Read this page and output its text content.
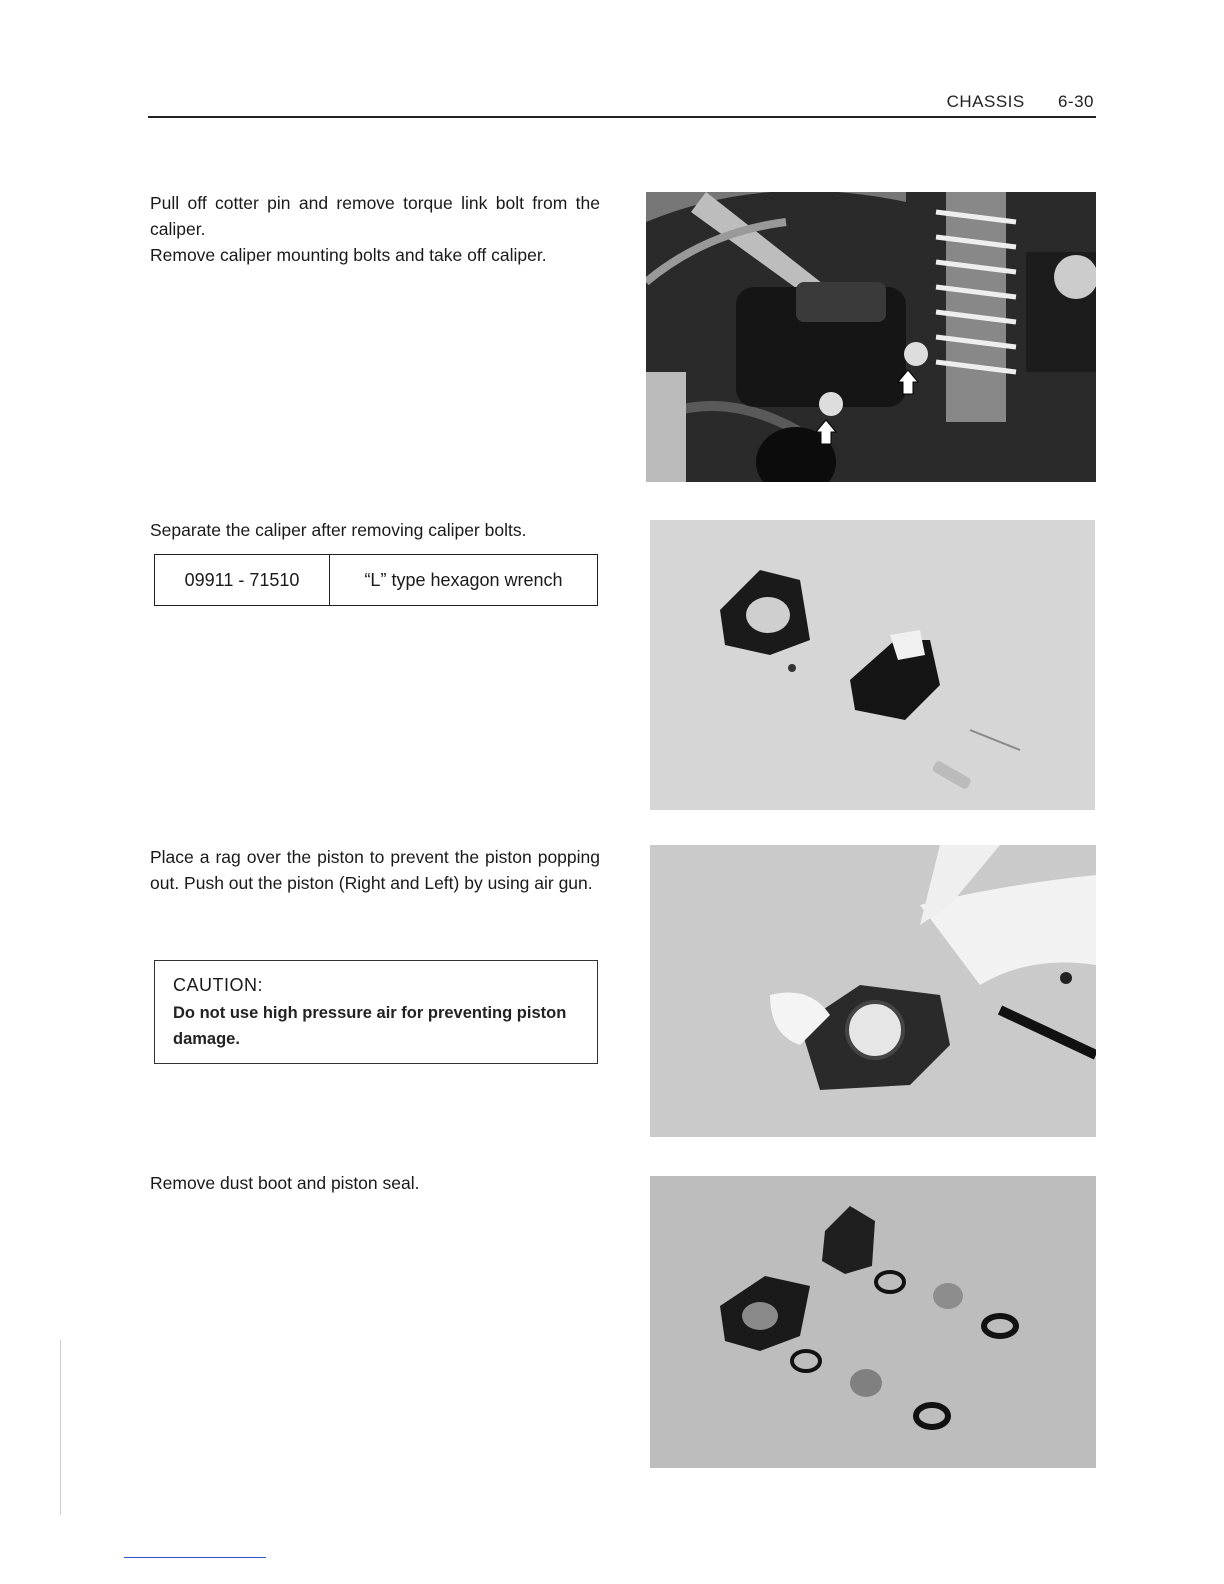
CHASSIS 6-30

Pull off cotter pin and remove torque link bolt from the caliper.

Remove caliper mounting bolts and take off caliper.

Separate the caliper after removing caliper bolts.

09911 - 71510	“L” type hexagon wrench

Place a rag over the piston to prevent the piston popping out. Push out the piston (Right and Left) by using air gun.

CAUTION:
Do not use high pressure air for preventing piston damage.

Remove dust boot and piston seal.
